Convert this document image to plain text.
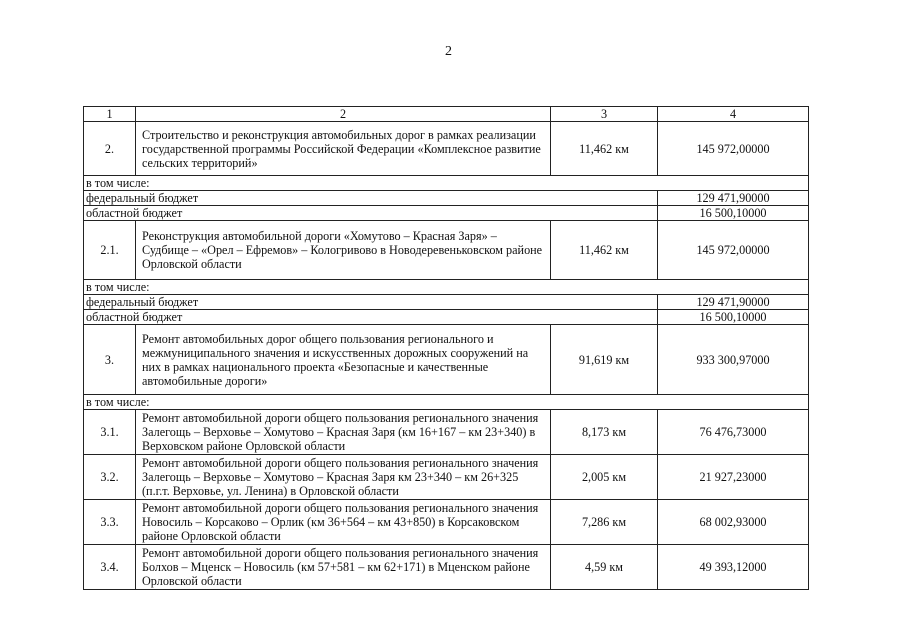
2
1	2	3	4
2.	Строительство и реконструкция автомобильных дорог в рамках реализации государственной программы Российской Федерации «Комплексное развитие сельских территорий»	11,462 км	145 972,00000
в том числе:			
федеральный бюджет			129 471,90000
областной бюджет			16 500,10000
2.1.	Реконструкция автомобильной дороги «Хомутово – Красная Заря» – Судбище – «Орел – Ефремов» – Кологривово в Новодеревеньковском районе Орловской области	11,462 км	145 972,00000
в том числе:			
федеральный бюджет			129 471,90000
областной бюджет			16 500,10000
3.	Ремонт автомобильных дорог общего пользования регионального и межмуниципального значения и искусственных дорожных сооружений на них в рамках национального проекта «Безопасные и качественные автомобильные дороги»	91,619 км	933 300,97000
в том числе:			
3.1.	Ремонт автомобильной дороги общего пользования регионального значения Залегощь – Верховье – Хомутово – Красная Заря (км 16+167 – км 23+340) в Верховском районе Орловской области	8,173 км	76 476,73000
3.2.	Ремонт автомобильной дороги общего пользования регионального значения Залегощь – Верховье – Хомутово – Красная Заря км 23+340 – км 26+325 (п.г.т. Верховье, ул. Ленина) в Орловской области	2,005 км	21 927,23000
3.3.	Ремонт автомобильной дороги общего пользования регионального значения Новосиль – Корсаково – Орлик (км 36+564 – км 43+850) в Корсаковском районе Орловской области	7,286 км	68 002,93000
3.4.	Ремонт автомобильной дороги общего пользования регионального значения Болхов – Мценск – Новосиль (км 57+581 – км 62+171) в Мценском районе Орловской области	4,59 км	49 393,12000
